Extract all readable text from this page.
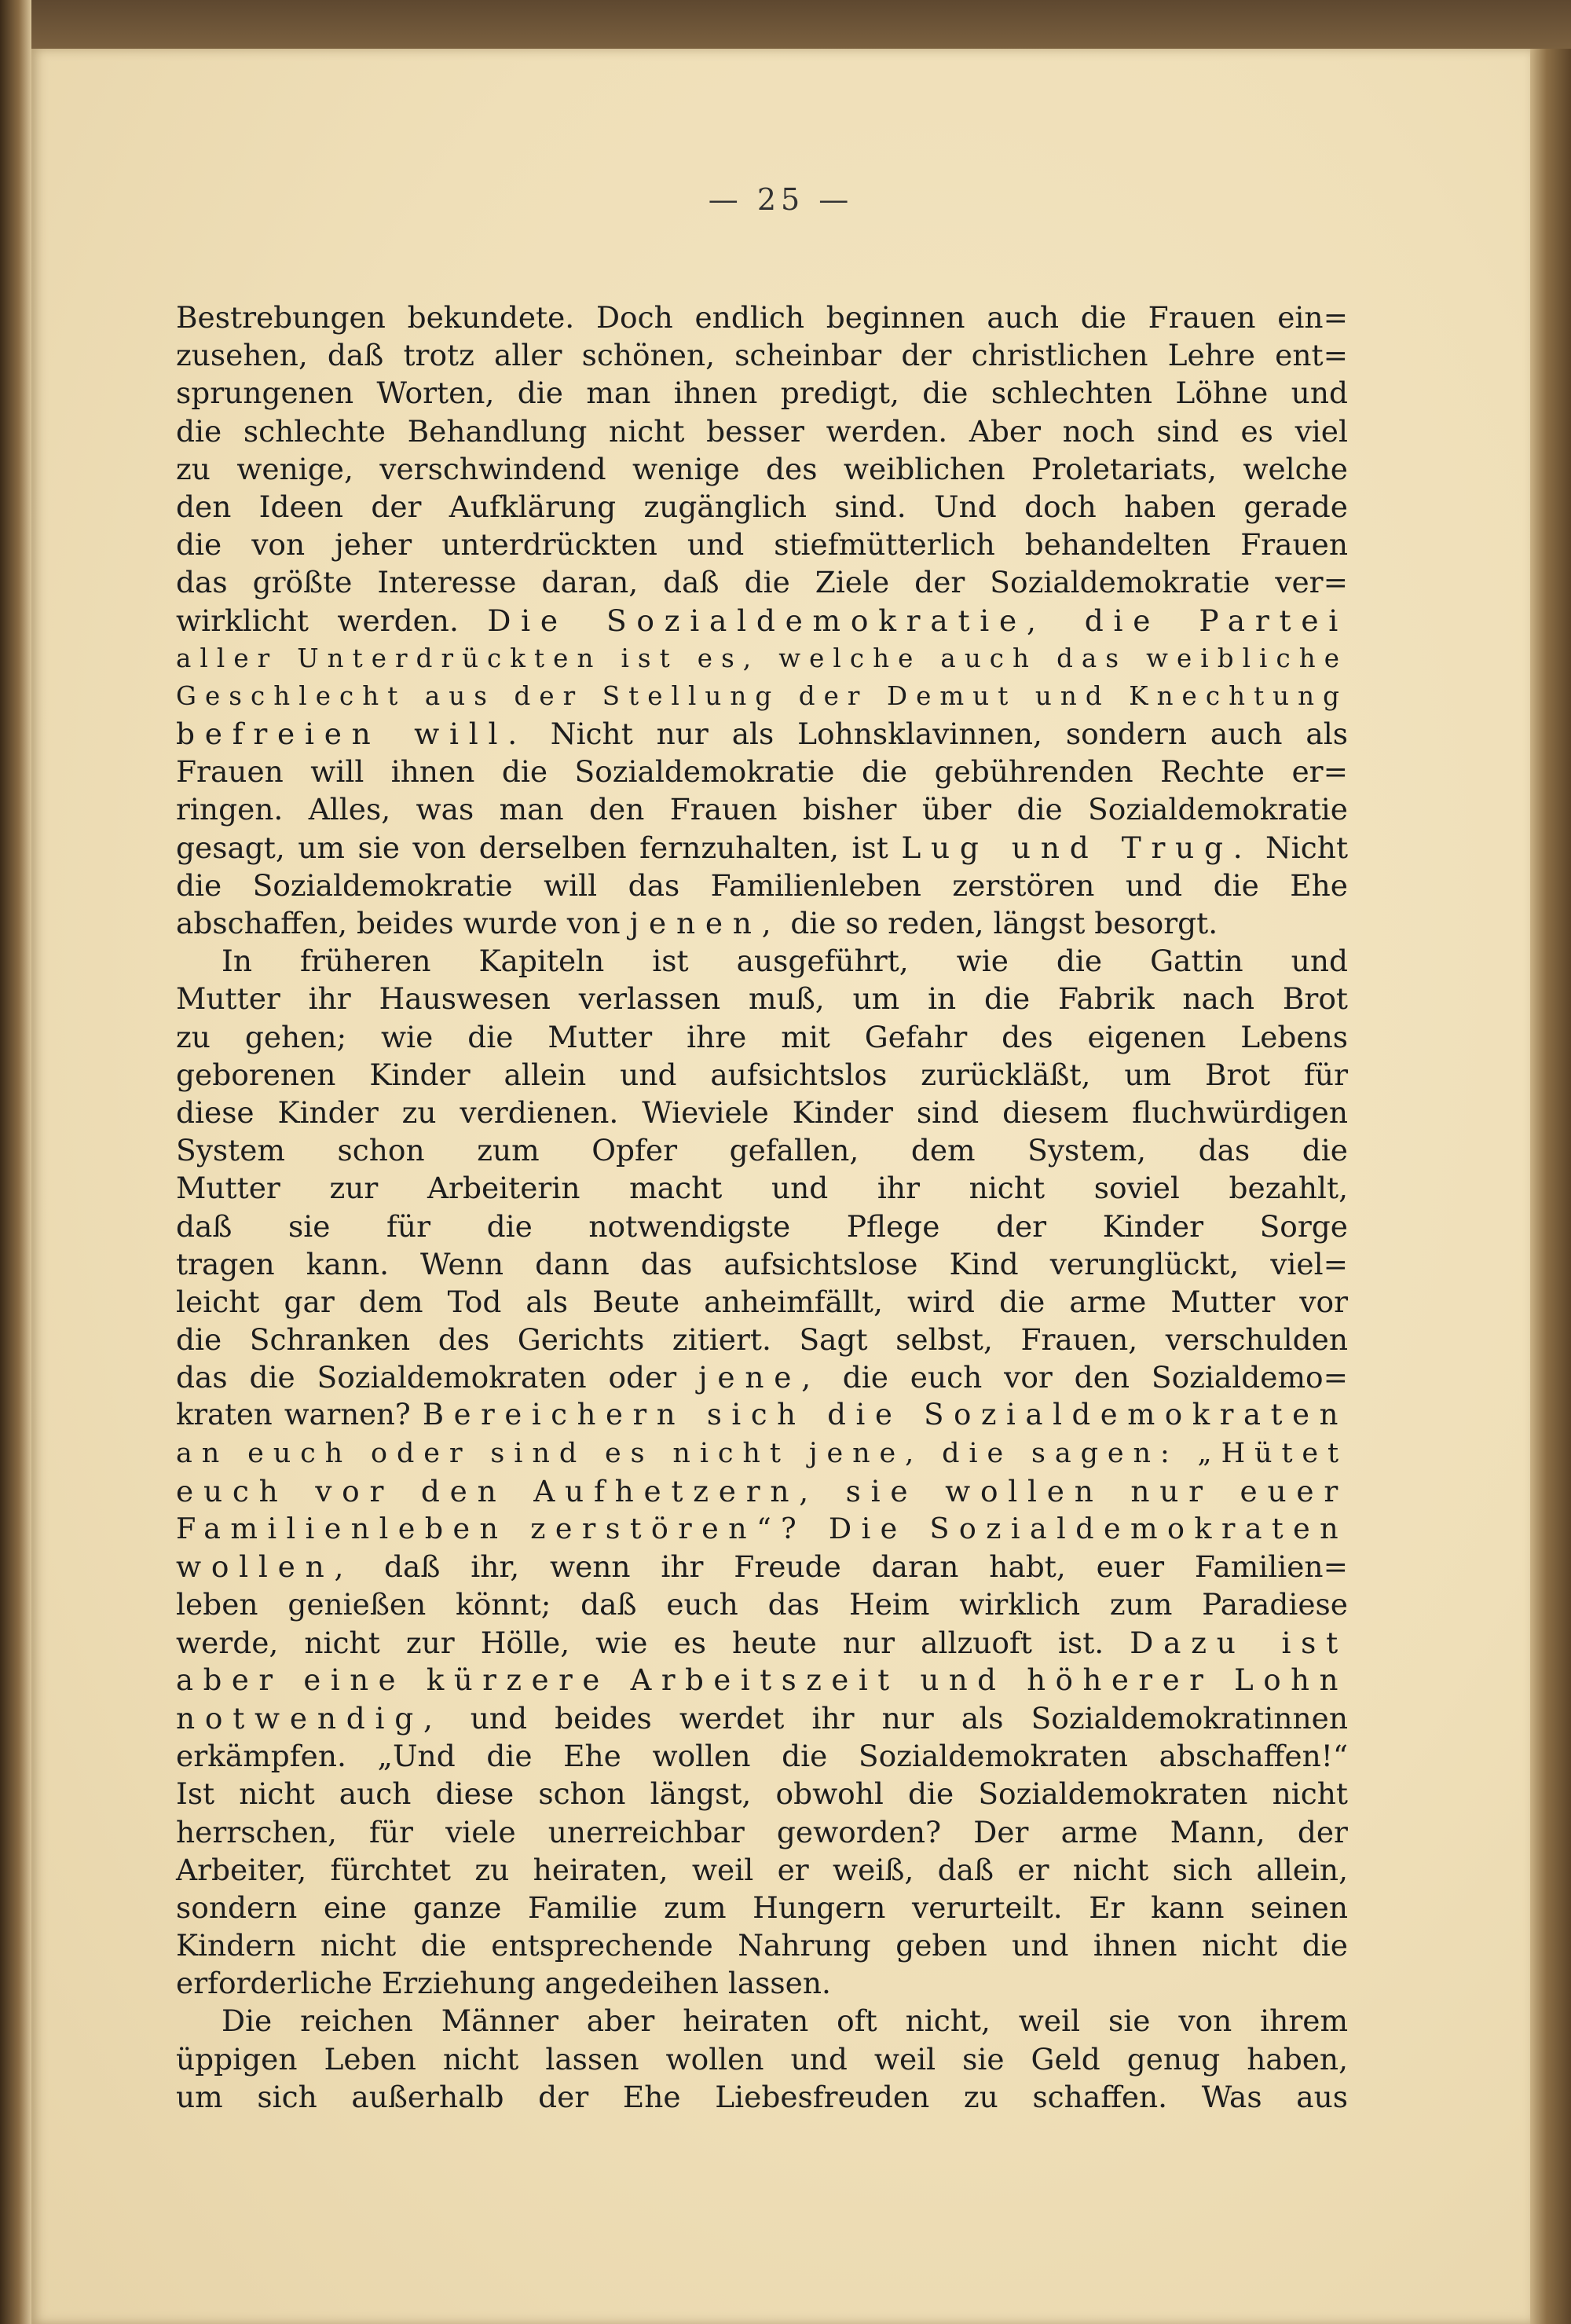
— 25 —
Bestrebungen bekundete. Doch endlich beginnen auch die Frauen ein=
zusehen, daß trotz aller schönen, scheinbar der christlichen Lehre ent=
sprungenen Worten, die man ihnen predigt, die schlechten Löhne und
die schlechte Behandlung nicht besser werden. Aber noch sind es viel
zu wenige, verschwindend wenige des weiblichen Proletariats, welche
den Ideen der Aufklärung zugänglich sind. Und doch haben gerade
die von jeher unterdrückten und stiefmütterlich behandelten Frauen
das größte Interesse daran, daß die Ziele der Sozialdemokratie ver=
wirklicht werden. Die Sozialdemokratie, die Partei
aller Unterdrückten ist es, welche auch das weibliche
Geschlecht aus der Stellung der Demut und Knechtung
befreien will. Nicht nur als Lohnsklavinnen, sondern auch als
Frauen will ihnen die Sozialdemokratie die gebührenden Rechte er=
ringen. Alles, was man den Frauen bisher über die Sozialdemokratie
gesagt, um sie von derselben fernzuhalten, ist Lug und Trug. Nicht
die Sozialdemokratie will das Familienleben zerstören und die Ehe
abschaffen, beides wurde von jenen, die so reden, längst besorgt.
In früheren Kapiteln ist ausgeführt, wie die Gattin und
Mutter ihr Hauswesen verlassen muß, um in die Fabrik nach Brot
zu gehen; wie die Mutter ihre mit Gefahr des eigenen Lebens
geborenen Kinder allein und aufsichtslos zurückläßt, um Brot für
diese Kinder zu verdienen. Wieviele Kinder sind diesem fluchwürdigen
System schon zum Opfer gefallen, dem System, das die
Mutter zur Arbeiterin macht und ihr nicht soviel bezahlt,
daß sie für die notwendigste Pflege der Kinder Sorge
tragen kann. Wenn dann das aufsichtslose Kind verunglückt, viel=
leicht gar dem Tod als Beute anheimfällt, wird die arme Mutter vor
die Schranken des Gerichts zitiert. Sagt selbst, Frauen, verschulden
das die Sozialdemokraten oder jene, die euch vor den Sozialdemo=
kraten warnen? Bereichern sich die Sozialdemokraten
an euch oder sind es nicht jene, die sagen: „Hütet
euch vor den Aufhetzern, sie wollen nur euer
Familienleben zerstören“? Die Sozialdemokraten
wollen, daß ihr, wenn ihr Freude daran habt, euer Familien=
leben genießen könnt; daß euch das Heim wirklich zum Paradiese
werde, nicht zur Hölle, wie es heute nur allzuoft ist. Dazu ist
aber eine kürzere Arbeitszeit und höherer Lohn
notwendig, und beides werdet ihr nur als Sozialdemokratinnen
erkämpfen. „Und die Ehe wollen die Sozialdemokraten abschaffen!“
Ist nicht auch diese schon längst, obwohl die Sozialdemokraten nicht
herrschen, für viele unerreichbar geworden? Der arme Mann, der
Arbeiter, fürchtet zu heiraten, weil er weiß, daß er nicht sich allein,
sondern eine ganze Familie zum Hungern verurteilt. Er kann seinen
Kindern nicht die entsprechende Nahrung geben und ihnen nicht die
erforderliche Erziehung angedeihen lassen.
Die reichen Männer aber heiraten oft nicht, weil sie von ihrem
üppigen Leben nicht lassen wollen und weil sie Geld genug haben,
um sich außerhalb der Ehe Liebesfreuden zu schaffen. Was aus
